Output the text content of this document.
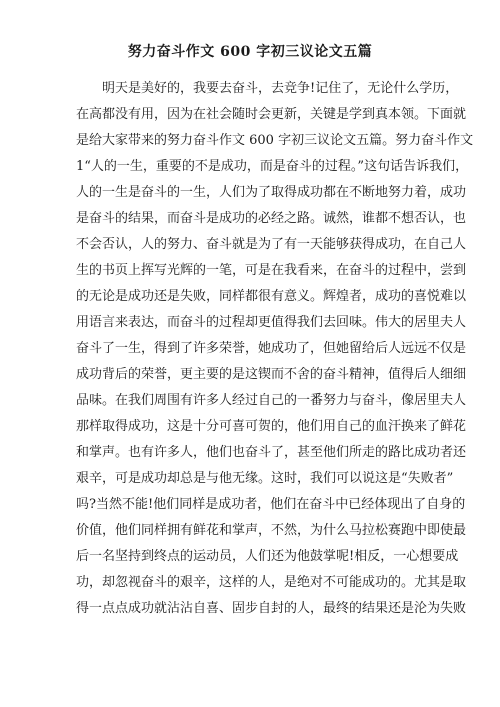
努力奋斗作文 600 字初三议论文五篇
明天是美好的，我要去奋斗，去竞争!记住了，无论什么学历，
在高都没有用，因为在社会随时会更新，关键是学到真本领。下面就
是给大家带来的努力奋斗作文 600 字初三议论文五篇。努力奋斗作文
1“人的一生，重要的不是成功，而是奋斗的过程。”这句话告诉我们，
人的一生是奋斗的一生，人们为了取得成功都在不断地努力着，成功
是奋斗的结果，而奋斗是成功的必经之路。诚然，谁都不想否认，也
不会否认，人的努力、奋斗就是为了有一天能够获得成功，在自己人
生的书页上挥写光辉的一笔，可是在我看来，在奋斗的过程中，尝到
的无论是成功还是失败，同样都很有意义。辉煌者，成功的喜悦难以
用语言来表达，而奋斗的过程却更值得我们去回味。伟大的居里夫人
奋斗了一生，得到了许多荣誉，她成功了，但她留给后人远远不仅是
成功背后的荣誉，更主要的是这锲而不舍的奋斗精神，值得后人细细
品味。在我们周围有许多人经过自己的一番努力与奋斗，像居里夫人
那样取得成功，这是十分可喜可贺的，他们用自己的血汗换来了鲜花
和掌声。也有许多人，他们也奋斗了，甚至他们所走的路比成功者还
艰辛，可是成功却总是与他无缘。这时，我们可以说这是“失败者”
吗?当然不能!他们同样是成功者，他们在奋斗中已经体现出了自身的
价值，他们同样拥有鲜花和掌声，不然，为什么马拉松赛跑中即使最
后一名坚持到终点的运动员，人们还为他鼓掌呢!相反，一心想要成
功，却忽视奋斗的艰辛，这样的人，是绝对不可能成功的。尤其是取
得一点点成功就沾沾自喜、固步自封的人，最终的结果还是沦为失败
